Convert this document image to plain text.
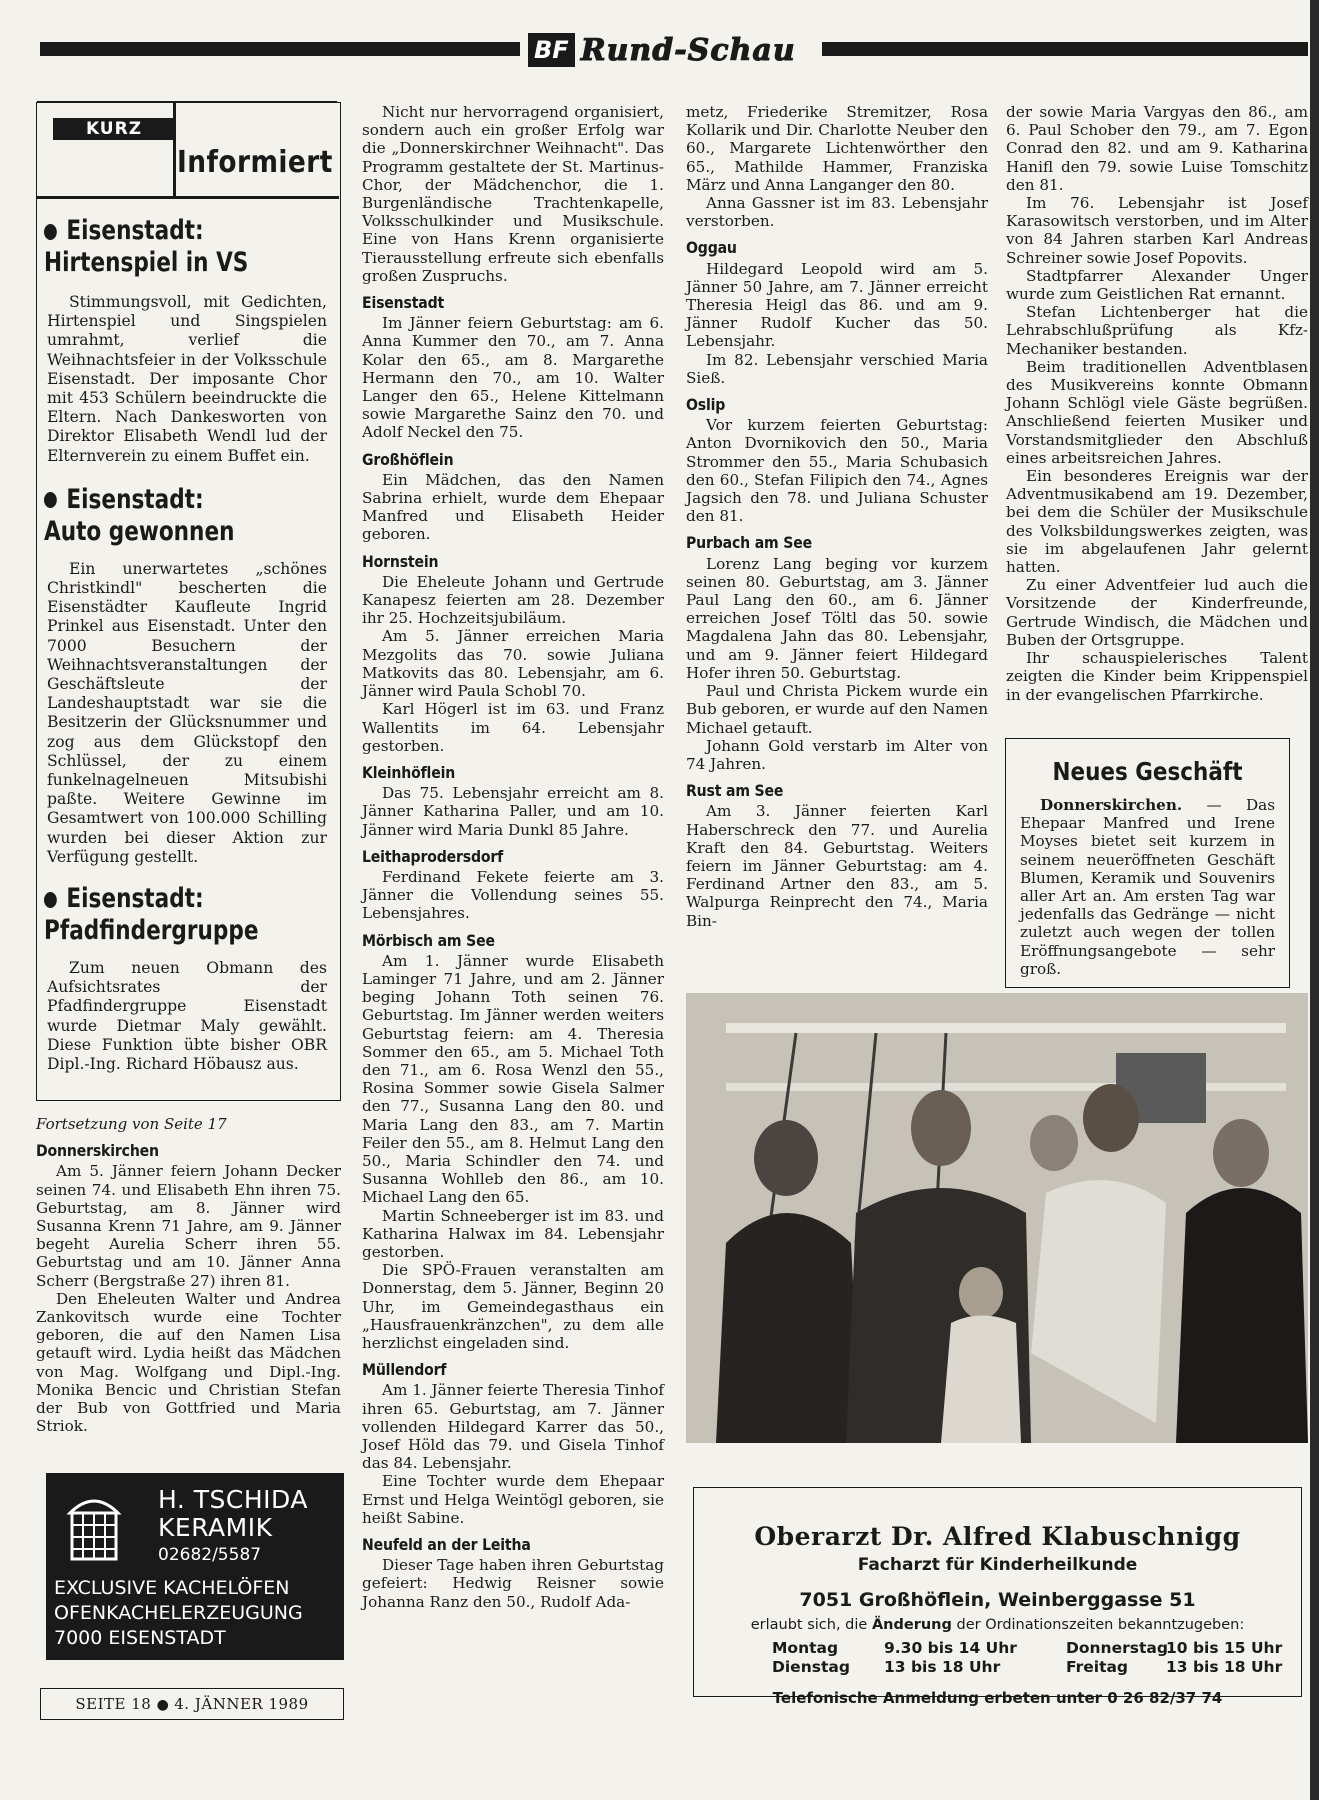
BF Rund-Schau
KURZ
Informiert
Eisenstadt:
Hirtenspiel in VS

Stimmungsvoll, mit Gedichten, Hirtenspiel und Singspielen umrahmt, verlief die Weihnachtsfeier in der Volksschule Eisenstadt. Der imposante Chor mit 453 Schülern beeindruckte die Eltern. Nach Dankesworten von Direktor Elisabeth Wendl lud der Elternverein zu einem Buffet ein.

Eisenstadt:
Auto gewonnen

Ein unerwartetes „schönes Christkindl" bescherten die Eisenstädter Kaufleute Ingrid Prinkel aus Eisenstadt. Unter den 7000 Besuchern der Weihnachtsveranstaltungen der Geschäftsleute der Landeshauptstadt war sie die Besitzerin der Glücksnummer und zog aus dem Glückstopf den Schlüssel, der zu einem funkelnagelneuen Mitsubishi paßte. Weitere Gewinne im Gesamtwert von 100.000 Schilling wurden bei dieser Aktion zur Verfügung gestellt.

Eisenstadt:
Pfadfindergruppe

Zum neuen Obmann des Aufsichtsrates der Pfadfindergruppe Eisenstadt wurde Dietmar Maly gewählt. Diese Funktion übte bisher OBR Dipl.-Ing. Richard Höbausz aus.

Fortsetzung von Seite 17
Donnerskirchen

Am 5. Jänner feiern Johann Decker seinen 74. und Elisabeth Ehn ihren 75. Geburtstag, am 8. Jänner wird Susanna Krenn 71 Jahre, am 9. Jänner begeht Aurelia Scherr ihren 55. Geburtstag und am 10. Jänner Anna Scherr (Bergstraße 27) ihren 81.

Den Eheleuten Walter und Andrea Zankovitsch wurde eine Tochter geboren, die auf den Namen Lisa getauft wird. Lydia heißt das Mädchen von Mag. Wolfgang und Dipl.-Ing. Monika Bencic und Christian Stefan der Bub von Gottfried und Maria Striok.

H. TSCHIDA
KERAMIK
02682/5587
EXCLUSIVE KACHELÖFEN
OFENKACHELERZEUGUNG
7000 EISENSTADT
SEITE 18 ● 4. JÄNNER 1989

Nicht nur hervorragend organisiert, sondern auch ein großer Erfolg war die „Donnerskirchner Weihnacht". Das Programm gestaltete der St. Martinus-Chor, der Mädchenchor, die 1. Burgenländische Trachtenkapelle, Volksschulkinder und Musikschule. Eine von Hans Krenn organisierte Tierausstellung erfreute sich ebenfalls großen Zuspruchs.

Eisenstadt

Im Jänner feiern Geburtstag: am 6. Anna Kummer den 70., am 7. Anna Kolar den 65., am 8. Margarethe Hermann den 70., am 10. Walter Langer den 65., Helene Kittelmann sowie Margarethe Sainz den 70. und Adolf Neckel den 75.

Großhöflein

Ein Mädchen, das den Namen Sabrina erhielt, wurde dem Ehepaar Manfred und Elisabeth Heider geboren.

Hornstein

Die Eheleute Johann und Gertrude Kanapesz feierten am 28. Dezember ihr 25. Hochzeitsjubiläum.

Am 5. Jänner erreichen Maria Mezgolits das 70. sowie Juliana Matkovits das 80. Lebensjahr, am 6. Jänner wird Paula Schobl 70.

Karl Högerl ist im 63. und Franz Wallentits im 64. Lebensjahr gestorben.

Kleinhöflein

Das 75. Lebensjahr erreicht am 8. Jänner Katharina Paller, und am 10. Jänner wird Maria Dunkl 85 Jahre.

Leithaprodersdorf

Ferdinand Fekete feierte am 3. Jänner die Vollendung seines 55. Lebensjahres.

Mörbisch am See

Am 1. Jänner wurde Elisabeth Laminger 71 Jahre, und am 2. Jänner beging Johann Toth seinen 76. Geburtstag. Im Jänner werden weiters Geburtstag feiern: am 4. Theresia Sommer den 65., am 5. Michael Toth den 71., am 6. Rosa Wenzl den 55., Rosina Sommer sowie Gisela Salmer den 77., Susanna Lang den 80. und Maria Lang den 83., am 7. Martin Feiler den 55., am 8. Helmut Lang den 50., Maria Schindler den 74. und Susanna Wohlleb den 86., am 10. Michael Lang den 65.

Martin Schneeberger ist im 83. und Katharina Halwax im 84. Lebensjahr gestorben.

Die SPÖ-Frauen veranstalten am Donnerstag, dem 5. Jänner, Beginn 20 Uhr, im Gemeindegasthaus ein „Hausfrauenkränzchen", zu dem alle herzlichst eingeladen sind.

Müllendorf

Am 1. Jänner feierte Theresia Tinhof ihren 65. Geburtstag, am 7. Jänner vollenden Hildegard Karrer das 50., Josef Höld das 79. und Gisela Tinhof das 84. Lebensjahr.

Eine Tochter wurde dem Ehepaar Ernst und Helga Weintögl geboren, sie heißt Sabine.

Neufeld an der Leitha

Dieser Tage haben ihren Geburtstag gefeiert: Hedwig Reisner sowie Johanna Ranz den 50., Rudolf Ada-

metz, Friederike Stremitzer, Rosa Kollarik und Dir. Charlotte Neuber den 60., Margarete Lichtenwörther den 65., Mathilde Hammer, Franziska März und Anna Langanger den 80.

Anna Gassner ist im 83. Lebensjahr verstorben.

Oggau

Hildegard Leopold wird am 5. Jänner 50 Jahre, am 7. Jänner erreicht Theresia Heigl das 86. und am 9. Jänner Rudolf Kucher das 50. Lebensjahr.

Im 82. Lebensjahr verschied Maria Sieß.

Oslip

Vor kurzem feierten Geburtstag: Anton Dvornikovich den 50., Maria Strommer den 55., Maria Schubasich den 60., Stefan Filipich den 74., Agnes Jagsich den 78. und Juliana Schuster den 81.

Purbach am See

Lorenz Lang beging vor kurzem seinen 80. Geburtstag, am 3. Jänner Paul Lang den 60., am 6. Jänner erreichen Josef Töltl das 50. sowie Magdalena Jahn das 80. Lebensjahr, und am 9. Jänner feiert Hildegard Hofer ihren 50. Geburtstag.

Paul und Christa Pickem wurde ein Bub geboren, er wurde auf den Namen Michael getauft.

Johann Gold verstarb im Alter von 74 Jahren.

Rust am See

Am 3. Jänner feierten Karl Haberschreck den 77. und Aurelia Kraft den 84. Geburtstag. Weiters feiern im Jänner Geburtstag: am 4. Ferdinand Artner den 83., am 5. Walpurga Reinprecht den 74., Maria Bin-

der sowie Maria Vargyas den 86., am 6. Paul Schober den 79., am 7. Egon Conrad den 82. und am 9. Katharina Hanifl den 79. sowie Luise Tomschitz den 81.

Im 76. Lebensjahr ist Josef Karasowitsch verstorben, und im Alter von 84 Jahren starben Karl Andreas Schreiner sowie Josef Popovits.

Stadtpfarrer Alexander Unger wurde zum Geistlichen Rat ernannt.

Stefan Lichtenberger hat die Lehrabschlußprüfung als Kfz-Mechaniker bestanden.

Beim traditionellen Adventblasen des Musikvereins konnte Obmann Johann Schlögl viele Gäste begrüßen. Anschließend feierten Musiker und Vorstandsmitglieder den Abschluß eines arbeitsreichen Jahres.

Ein besonderes Ereignis war der Adventmusikabend am 19. Dezember, bei dem die Schüler der Musikschule des Volksbildungswerkes zeigten, was sie im abgelaufenen Jahr gelernt hatten.

Zu einer Adventfeier lud auch die Vorsitzende der Kinderfreunde, Gertrude Windisch, die Mädchen und Buben der Ortsgruppe.

Ihr schauspielerisches Talent zeigten die Kinder beim Krippenspiel in der evangelischen Pfarrkirche.

Neues Geschäft

Donnerskirchen. — Das Ehepaar Manfred und Irene Moyses bietet seit kurzem in seinem neueröffneten Geschäft Blumen, Keramik und Souvenirs aller Art an. Am ersten Tag war jedenfalls das Gedränge — nicht zuletzt auch wegen der tollen Eröffnungsangebote — sehr groß.

Oberarzt Dr. Alfred Klabuschnigg
Facharzt für Kinderheilkunde
7051 Großhöflein, Weinberggasse 51
erlaubt sich, die Änderung der Ordinationszeiten bekanntzugeben:
Montag	9.30 bis 14 Uhr
Dienstag 13 bis 18 Uhr
Donnerstag
10 bis 15 Uhr
Freitag 13 bis 18 Uhr
Telefonische Anmeldung erbeten unter 0 26 82/37 74
